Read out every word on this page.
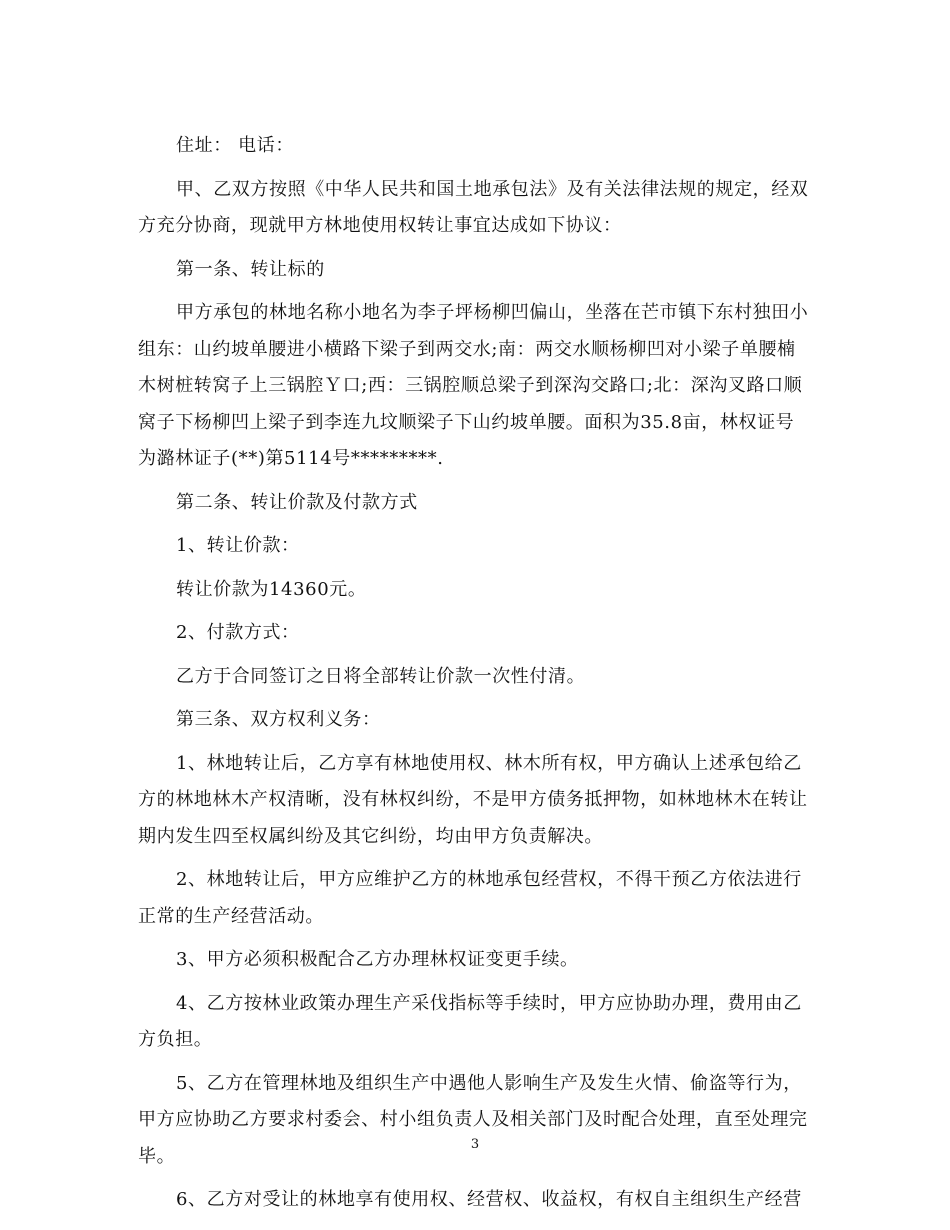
住址： 电话：

甲、乙双方按照《中华人民共和国土地承包法》及有关法律法规的规定，经双方充分协商，现就甲方林地使用权转让事宜达成如下协议：

第一条、转让标的

甲方承包的林地名称小地名为李子坪杨柳凹偏山，坐落在芒市镇下东村独田小组东：山约坡单腰进小横路下梁子到两交水;南：两交水顺杨柳凹对小梁子单腰楠木树桩转窝子上三锅腔Ｙ口;西：三锅腔顺总梁子到深沟交路口;北：深沟叉路口顺窝子下杨柳凹上梁子到李连九坟顺梁子下山约坡单腰。面积为35.8亩，林权证号为潞林证子(**)第5114号*********.

第二条、转让价款及付款方式

1、转让价款：

转让价款为14360元。

2、付款方式：

乙方于合同签订之日将全部转让价款一次性付清。

第三条、双方权利义务：

1、林地转让后，乙方享有林地使用权、林木所有权，甲方确认上述承包给乙方的林地林木产权清晰，没有林权纠纷，不是甲方债务抵押物，如林地林木在转让期内发生四至权属纠纷及其它纠纷，均由甲方负责解决。

2、林地转让后，甲方应维护乙方的林地承包经营权，不得干预乙方依法进行正常的生产经营活动。

3、甲方必须积极配合乙方办理林权证变更手续。

4、乙方按林业政策办理生产采伐指标等手续时，甲方应协助办理，费用由乙方负担。

5、乙方在管理林地及组织生产中遇他人影响生产及发生火情、偷盗等行为，甲方应协助乙方要求村委会、村小组负责人及相关部门及时配合处理，直至处理完毕。

6、乙方对受让的林地享有使用权、经营权、收益权，有权自主组织生产经营

3
